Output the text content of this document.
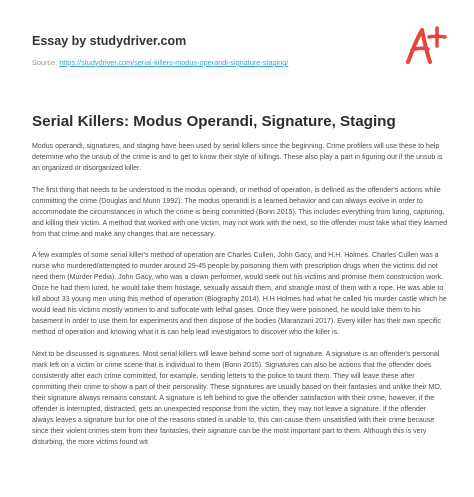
Essay by studydriver.com
Source: https://studydriver.com/serial-killers-modus-operandi-signature-staging/
Serial Killers: Modus Operandi, Signature, Staging

Modus operandi, signatures, and staging have been used by serial killers since the beginning. Crime profilers will use these to help determine who the unsub of the crime is and to get to know their style of killings. These also play a part in figuring out if the unsub is an organized or disorganized killer.

The first thing that needs to be understood is the modus operandi, or method of operation, is defined as the offender's actions while committing the crime (Douglas and Munn 1992). The modus operandi is a learned behavior and can always evolve in order to accommodate the circumstances in which the crime is being committed (Bonn 2015). This includes everything from luring, capturing, and killing their victim. A method that worked with one victim, may not work with the next, so the offender must take what they learned from that crime and make any changes that are necessary.

A few examples of some serial killer's method of operation are Charles Cullen, John Gacy, and H.H. Holmes. Charles Cullen was a nurse who murdered/attempted to murder around 29-45 people by poisoning them with prescription drugs when the victims did not need them (Murder Pedia). John Gacy, who was a clown performer, would seek out his victims and promise them construction work. Once he had them lured, he would take them hostage, sexually assault them, and strangle most of them with a rope. He was able to kill about 33 young men using this method of operation (Biography 2014). H.H Holmes had what he called his murder castle which he would lead his victims mostly women to and suffocate with lethal gases. Once they were poisoned, he would take them to his basement in order to use them for experiments and then dispose of the bodies (Maranzani 2017). Every killer has their own specific method of operation and knowing what it is can help lead investigators to discover who the killer is.

Next to be discussed is signatures. Most serial killers will leave behind some sort of signature. A signature is an offender's personal mark left on a victim or crime scene that is individual to them (Bonn 2015). Signatures can also be actions that the offender does consistently after each crime committed, for example, sending letters to the police to taunt them. They will leave these after committing their crime to show a part of their personality. These signatures are usually based on their fantasies and unlike their MO, their signature always remains constant. A signature is left behind to give the offender satisfaction with their crime, however, if the offender is interrupted, distracted, gets an unexpected response from the victim, they may not leave a signature. If the offender always leaves a signature but for one of the reasons stated is unable to, this can cause them unsatisfied with their crime because since their violent crimes stem from their fantasies, their signature can be the most important part to them. Although this is very disturbing, the more victims found wit
